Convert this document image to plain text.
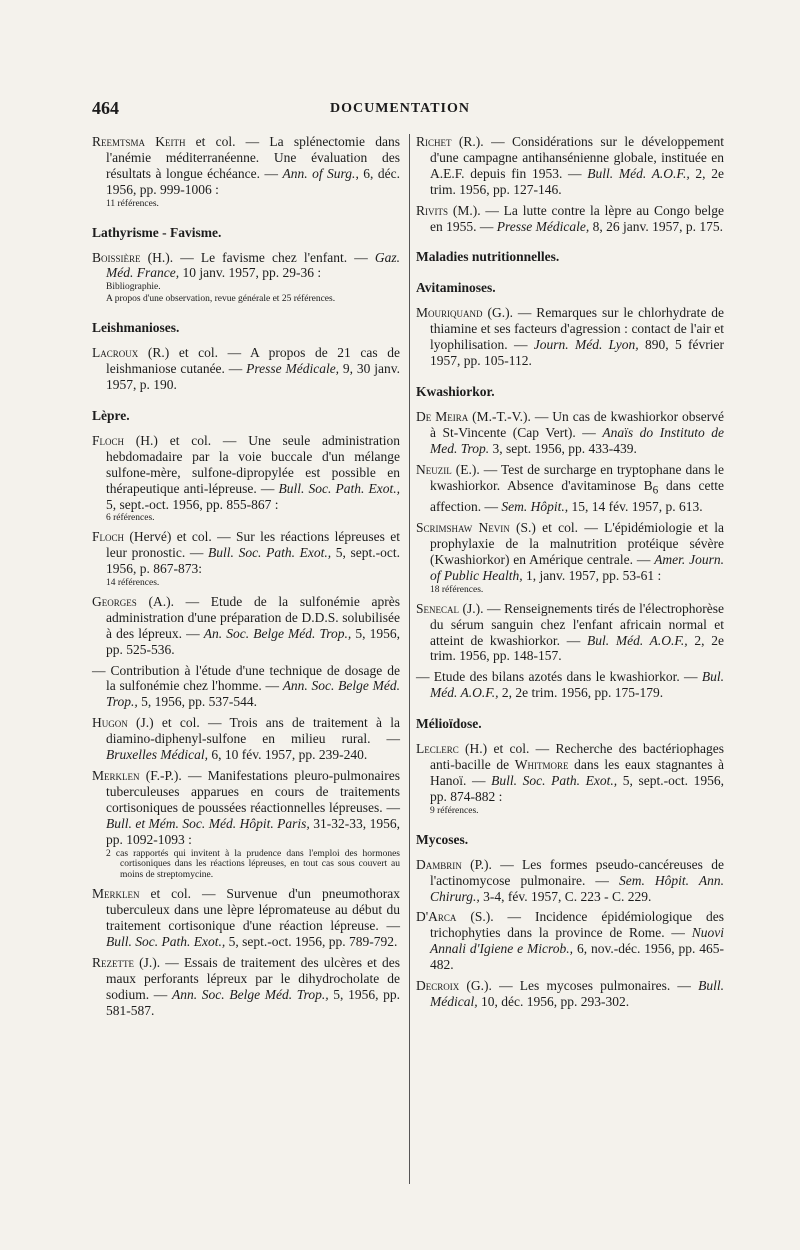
464	DOCUMENTATION
Reemtsma Keith et col. — La splénectomie dans l'anémie méditerranéenne. Une évaluation des résultats à longue échéance. — Ann. of Surg., 6, déc. 1956, pp. 999-1006 :
11 références.
Lathyrisme - Favisme.
Boissière (H.). — Le favisme chez l'enfant. — Gaz. Méd. France, 10 janv. 1957, pp. 29-36 :
Bibliographie.
A propos d'une observation, revue générale et 25 références.
Leishmanioses.
Lacroux (R.) et col. — A propos de 21 cas de leishmaniose cutanée. — Presse Médicale, 9, 30 janv. 1957, p. 190.
Lèpre.
Floch (H.) et col. — Une seule administration hebdomadaire par la voie buccale d'un mélange sulfone-mère, sulfone-dipropylée est possible en thérapeutique anti-lépreuse. — Bull. Soc. Path. Exot., 5, sept.-oct. 1956, pp. 855-867 :
6 références.
Floch (Hervé) et col. — Sur les réactions lépreuses et leur pronostic. — Bull. Soc. Path. Exot., 5, sept.-oct. 1956, p. 867-873:
14 références.
Georges (A.). — Etude de la sulfonémie après administration d'une préparation de D.D.S. solubilisée à des lépreux. — An. Soc. Belge Méd. Trop., 5, 1956, pp. 525-536.
— Contribution à l'étude d'une technique de dosage de la sulfonémie chez l'homme. — Ann. Soc. Belge Méd. Trop., 5, 1956, pp. 537-544.
Hugon (J.) et col. — Trois ans de traitement à la diamino-diphenyl-sulfone en milieu rural. — Bruxelles Médical, 6, 10 fév. 1957, pp. 239-240.
Merklen (F.-P.). — Manifestations pleuro-pulmonaires tuberculeuses apparues en cours de traitements cortisoniques de poussées réactionnelles lépreuses. — Bull. et Mém. Soc. Méd. Hôpit. Paris, 31-32-33, 1956, pp. 1092-1093 :
2 cas rapportés qui invitent à la prudence dans l'emploi des hormones cortisoniques dans les réactions lépreuses, en tout cas sous couvert au moins de streptomycine.
Merklen et col. — Survenue d'un pneumothorax tuberculeux dans une lèpre lépromateuse au début du traitement cortisonique d'une réaction lépreuse. — Bull. Soc. Path. Exot., 5, sept.-oct. 1956, pp. 789-792.
Rezette (J.). — Essais de traitement des ulcères et des maux perforants lépreux par le dihydrocholate de sodium. — Ann. Soc. Belge Méd. Trop., 5, 1956, pp. 581-587.
Richet (R.). — Considérations sur le développement d'une campagne antihansénienne globale, instituée en A.E.F. depuis fin 1953. — Bull. Méd. A.O.F., 2, 2e trim. 1956, pp. 127-146.
Rivits (M.). — La lutte contre la lèpre au Congo belge en 1955. — Presse Médicale, 8, 26 janv. 1957, p. 175.
Maladies nutritionnelles.
Avitaminoses.
Mouriquand (G.). — Remarques sur le chlorhydrate de thiamine et ses facteurs d'agression : contact de l'air et lyophilisation. — Journ. Méd. Lyon, 890, 5 février 1957, pp. 105-112.
Kwashiorkor.
De Meira (M.-T.-V.). — Un cas de kwashiorkor observé à St-Vincente (Cap Vert). — Anaïs do Instituto de Med. Trop. 3, sept. 1956, pp. 433-439.
Neuzil (E.). — Test de surcharge en tryptophane dans le kwashiorkor. Absence d'avitaminose $B_6$ dans cette affection. — Sem. Hôpit., 15, 14 fév. 1957, p. 613.
Scrimshaw Nevin (S.) et col. — L'épidémiologie et la prophylaxie de la malnutrition protéique sévère (Kwashiorkor) en Amérique centrale. — Amer. Journ. of Public Health, 1, janv. 1957, pp. 53-61 :
18 références.
Senecal (J.). — Renseignements tirés de l'électrophorèse du sérum sanguin chez l'enfant africain normal et atteint de kwashiorkor. — Bul. Méd. A.O.F., 2, 2e trim. 1956, pp. 148-157.
— Etude des bilans azotés dans le kwashiorkor. — Bul. Méd. A.O.F., 2, 2e trim. 1956, pp. 175-179.
Mélioïdose.
Leclerc (H.) et col. — Recherche des bactériophages anti-bacille de Whitmore dans les eaux stagnantes à Hanoï. — Bull. Soc. Path. Exot., 5, sept.-oct. 1956, pp. 874-882 :
9 références.
Mycoses.
Dambrin (P.). — Les formes pseudo-cancéreuses de l'actinomycose pulmonaire. — Sem. Hôpit. Ann. Chirurg., 3-4, fév. 1957, C. 223 - C. 229.
D'Arca (S.). — Incidence épidémiologique des trichophyties dans la province de Rome. — Nuovi Annali d'Igiene e Microb., 6, nov.-déc. 1956, pp. 465-482.
Decroix (G.). — Les mycoses pulmonaires. — Bull. Médical, 10, déc. 1956, pp. 293-302.
